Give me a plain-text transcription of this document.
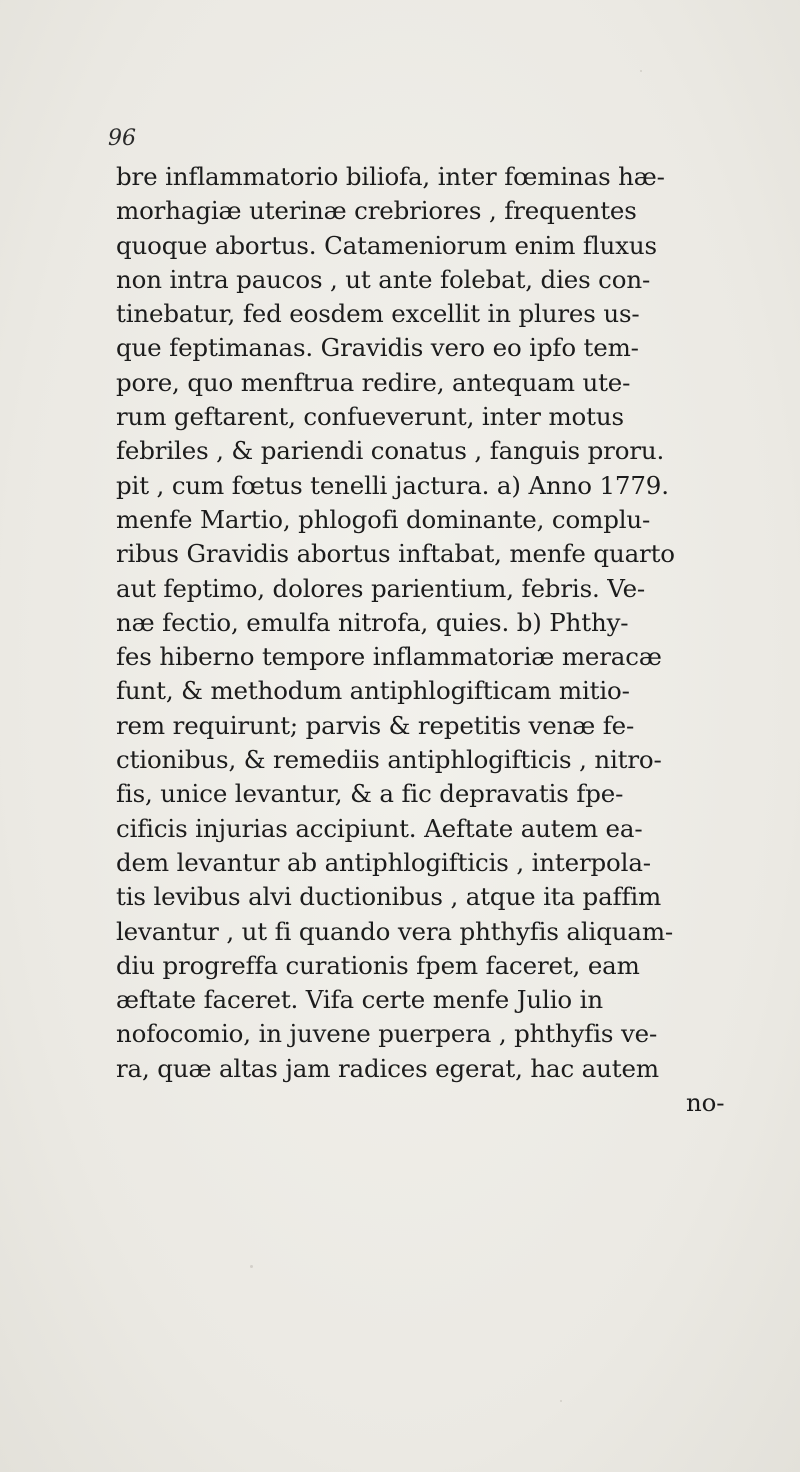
96
bre inflammatorio biliofa, inter fœminas hæ-
morhagiæ uterinæ crebriores , frequentes
quoque abortus. Catameniorum enim fluxus
non intra paucos , ut ante folebat, dies con-
tinebatur, fed eosdem excellit in plures us-
que feptimanas. Gravidis vero eo ipfo tem-
pore, quo menftrua redire, antequam ute-
rum geftarent, confueverunt, inter motus
febriles , & pariendi conatus , fanguis proru.
pit , cum fœtus tenelli jactura. a) Anno 1779.
menfe Martio, phlogofi dominante, complu-
ribus Gravidis abortus inftabat, menfe quarto
aut feptimo, dolores parientium, febris. Ve-
næ fectio, emulfa nitrofa, quies. b) Phthy-
fes hiberno tempore inflammatoriæ meracæ
funt, & methodum antiphlogifticam mitio-
rem requirunt; parvis & repetitis venæ fe-
ctionibus, & remediis antiphlogifticis , nitro-
fis, unice levantur, & a fic depravatis fpe-
cificis injurias accipiunt. Aeftate autem ea-
dem levantur ab antiphlogifticis , interpola-
tis levibus alvi ductionibus , atque ita paffim
levantur , ut fi quando vera phthyfis aliquam-
diu progreffa curationis fpem faceret, eam
æftate faceret. Vifa certe menfe Julio in
nofocomio, in juvene puerpera , phthyfis ve-
ra, quæ altas jam radices egerat, hac autem
no-
